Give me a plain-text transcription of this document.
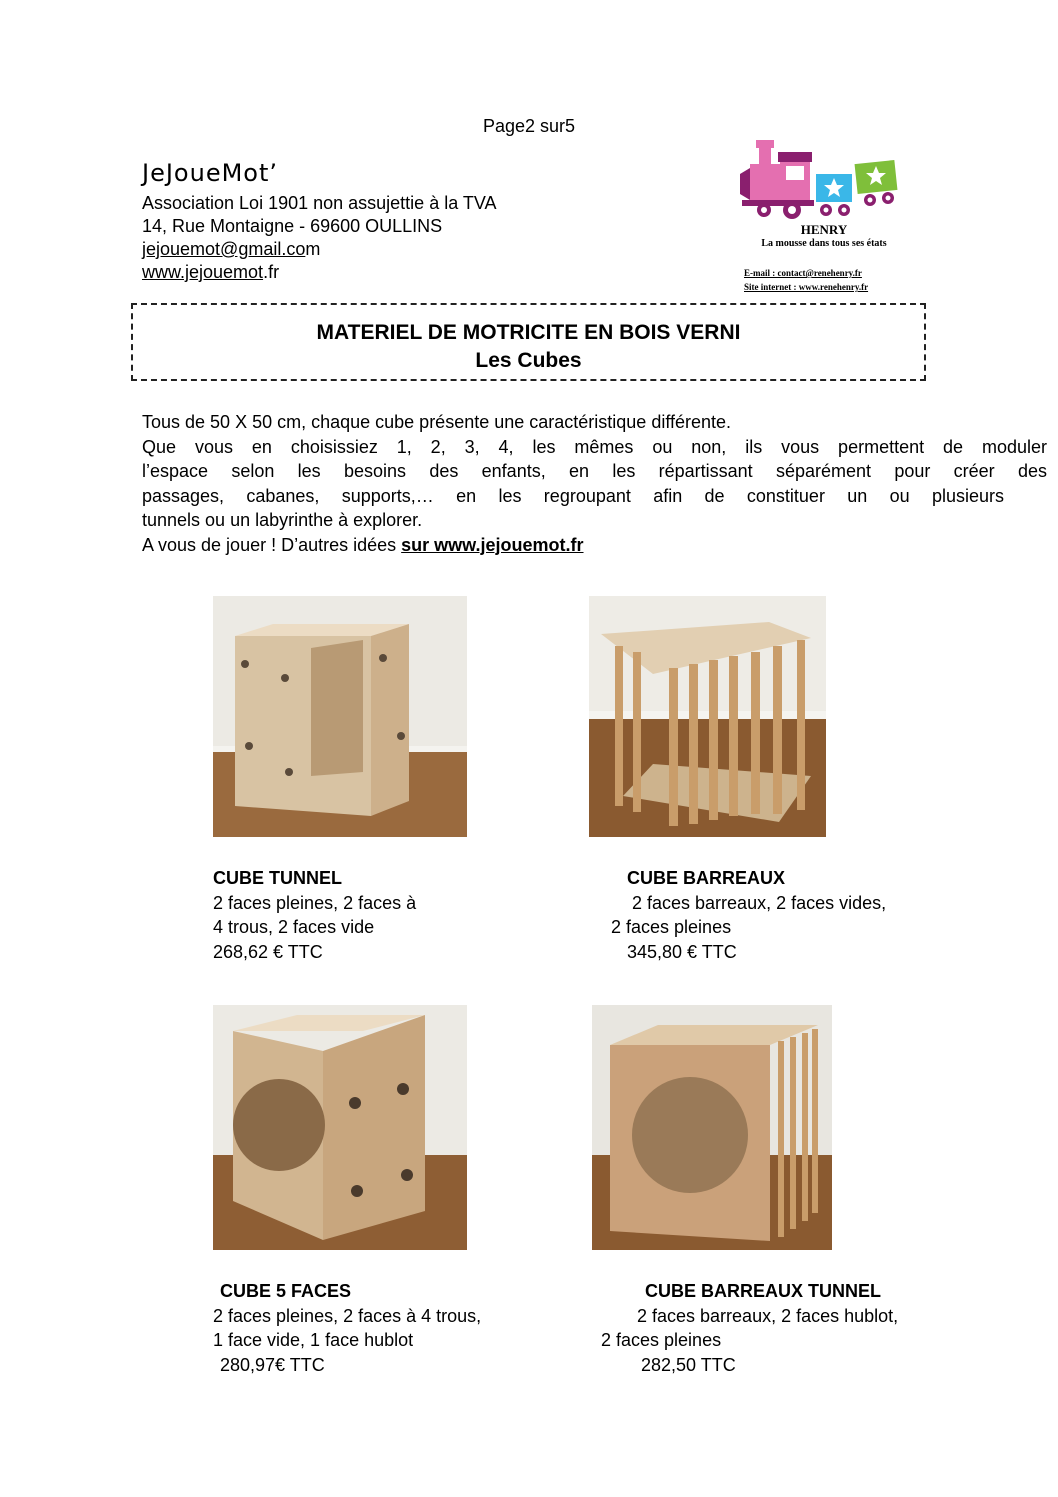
Page2 sur5
JeJoueMot’
Association Loi 1901 non assujettie à la TVA
14, Rue Montaigne - 69600 OULLINS
jejouemot@gmail.com
www.jejouemot.fr
HENRY
La mousse dans tous ses états
E-mail : contact@renehenry.fr
Site internet : www.renehenry.fr
MATERIEL DE MOTRICITE EN BOIS VERNI
Les Cubes

Tous de 50 X 50 cm, chaque cube présente une caractéristique différente.

Que vous en choisissiez 1, 2, 3, 4, les mêmes ou non, ils vous permettent de moduler

l’espace selon les besoins des enfants, en les répartissant séparément pour créer des

passages, cabanes, supports,… en les regroupant afin de constituer un ou plusieurs

tunnels ou un labyrinthe à explorer.

A vous de jouer ! D’autres idées sur www.jejouemot.fr

CUBE TUNNEL
2 faces pleines, 2 faces à
4 trous, 2 faces vide
268,62 € TTC
CUBE BARREAUX
2 faces barreaux, 2 faces vides,
2 faces pleines
345,80 € TTC
CUBE 5 FACES
2 faces pleines, 2 faces à 4 trous,
1 face vide, 1 face hublot
280,97€ TTC
CUBE BARREAUX TUNNEL
2 faces barreaux, 2 faces hublot,
2 faces pleines
282,50 TTC
